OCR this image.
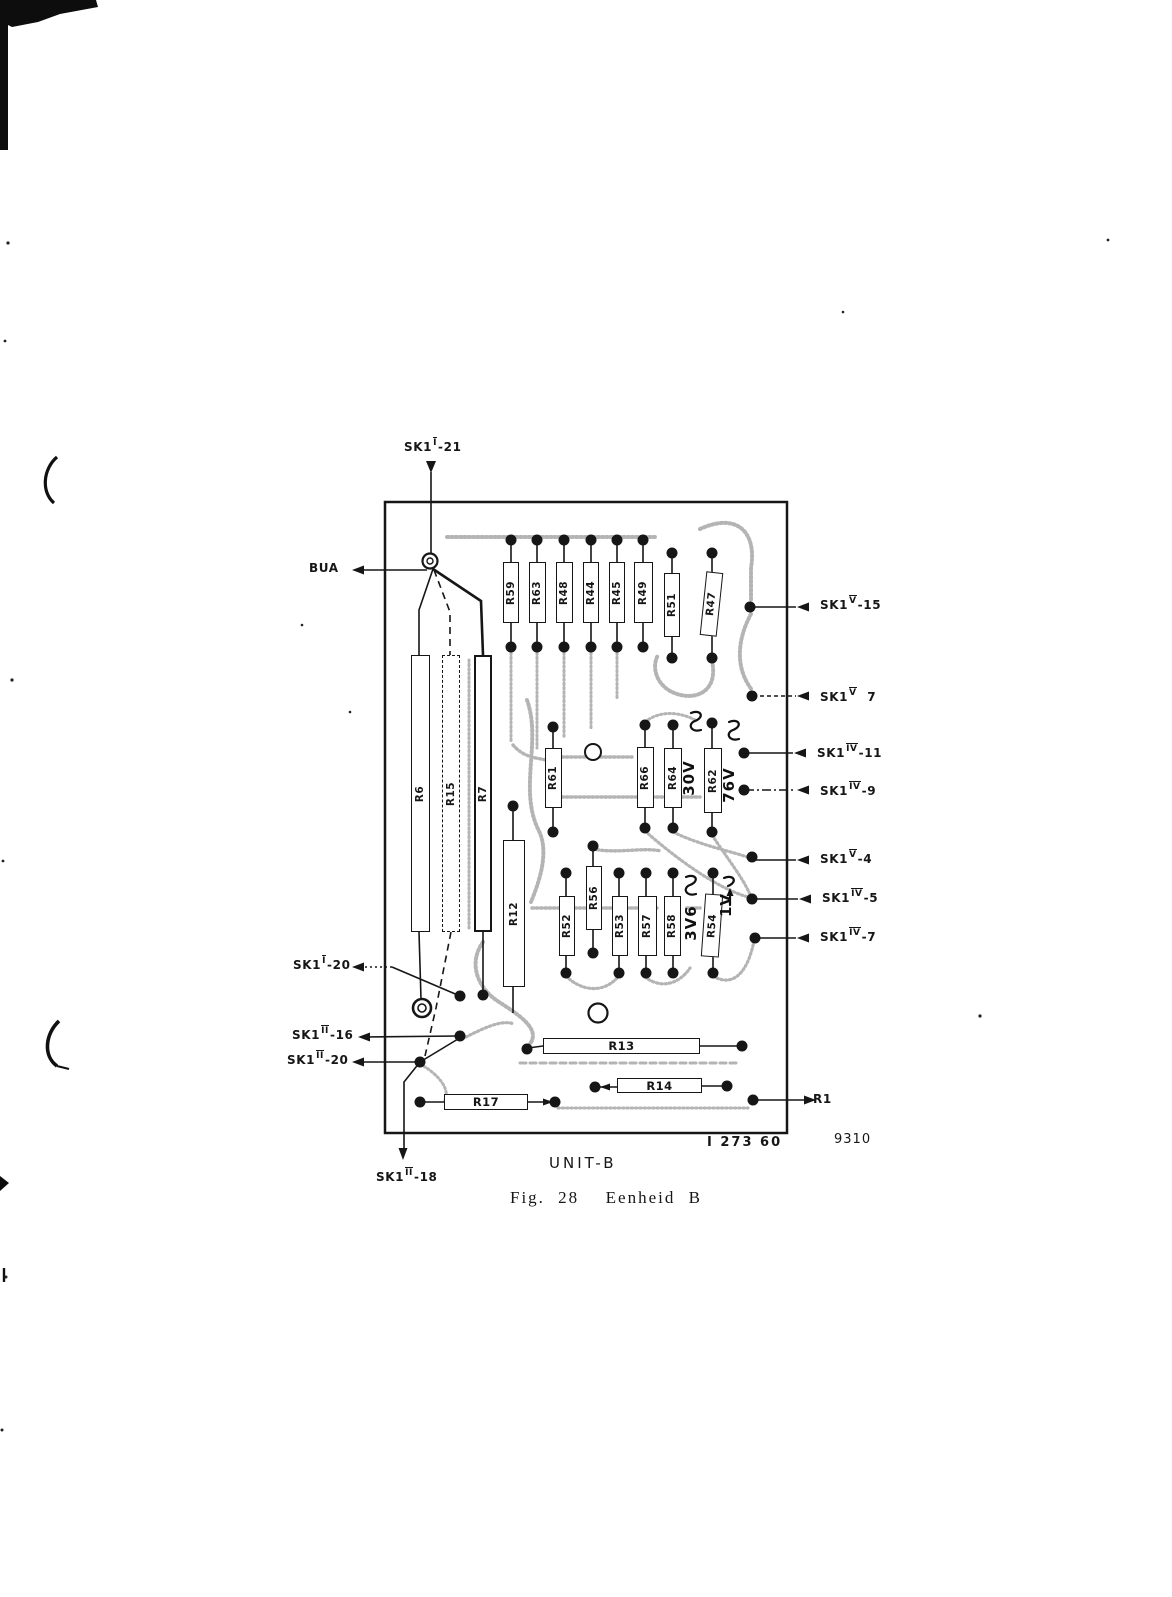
R59 R63 R48 R44 R45 R49
R51	R47
R6 R15 R7
R61	R66 R64	R62
R12
R52
R56
R53 R57 R58	R54
R13
R14
R17
SK1I-21
BUA
SK1I-20
SK1II-16
SK1II-20
SK1V-15
SK1V  7
SK1IV-11
SK1IV-9
SK1V-4
SK1IV-5
SK1IV-7
R1
SK1II-18
30V 76V
3V6
1V
I 273 60	9310
UNIT-B
Fig. 28  Eenheid B
